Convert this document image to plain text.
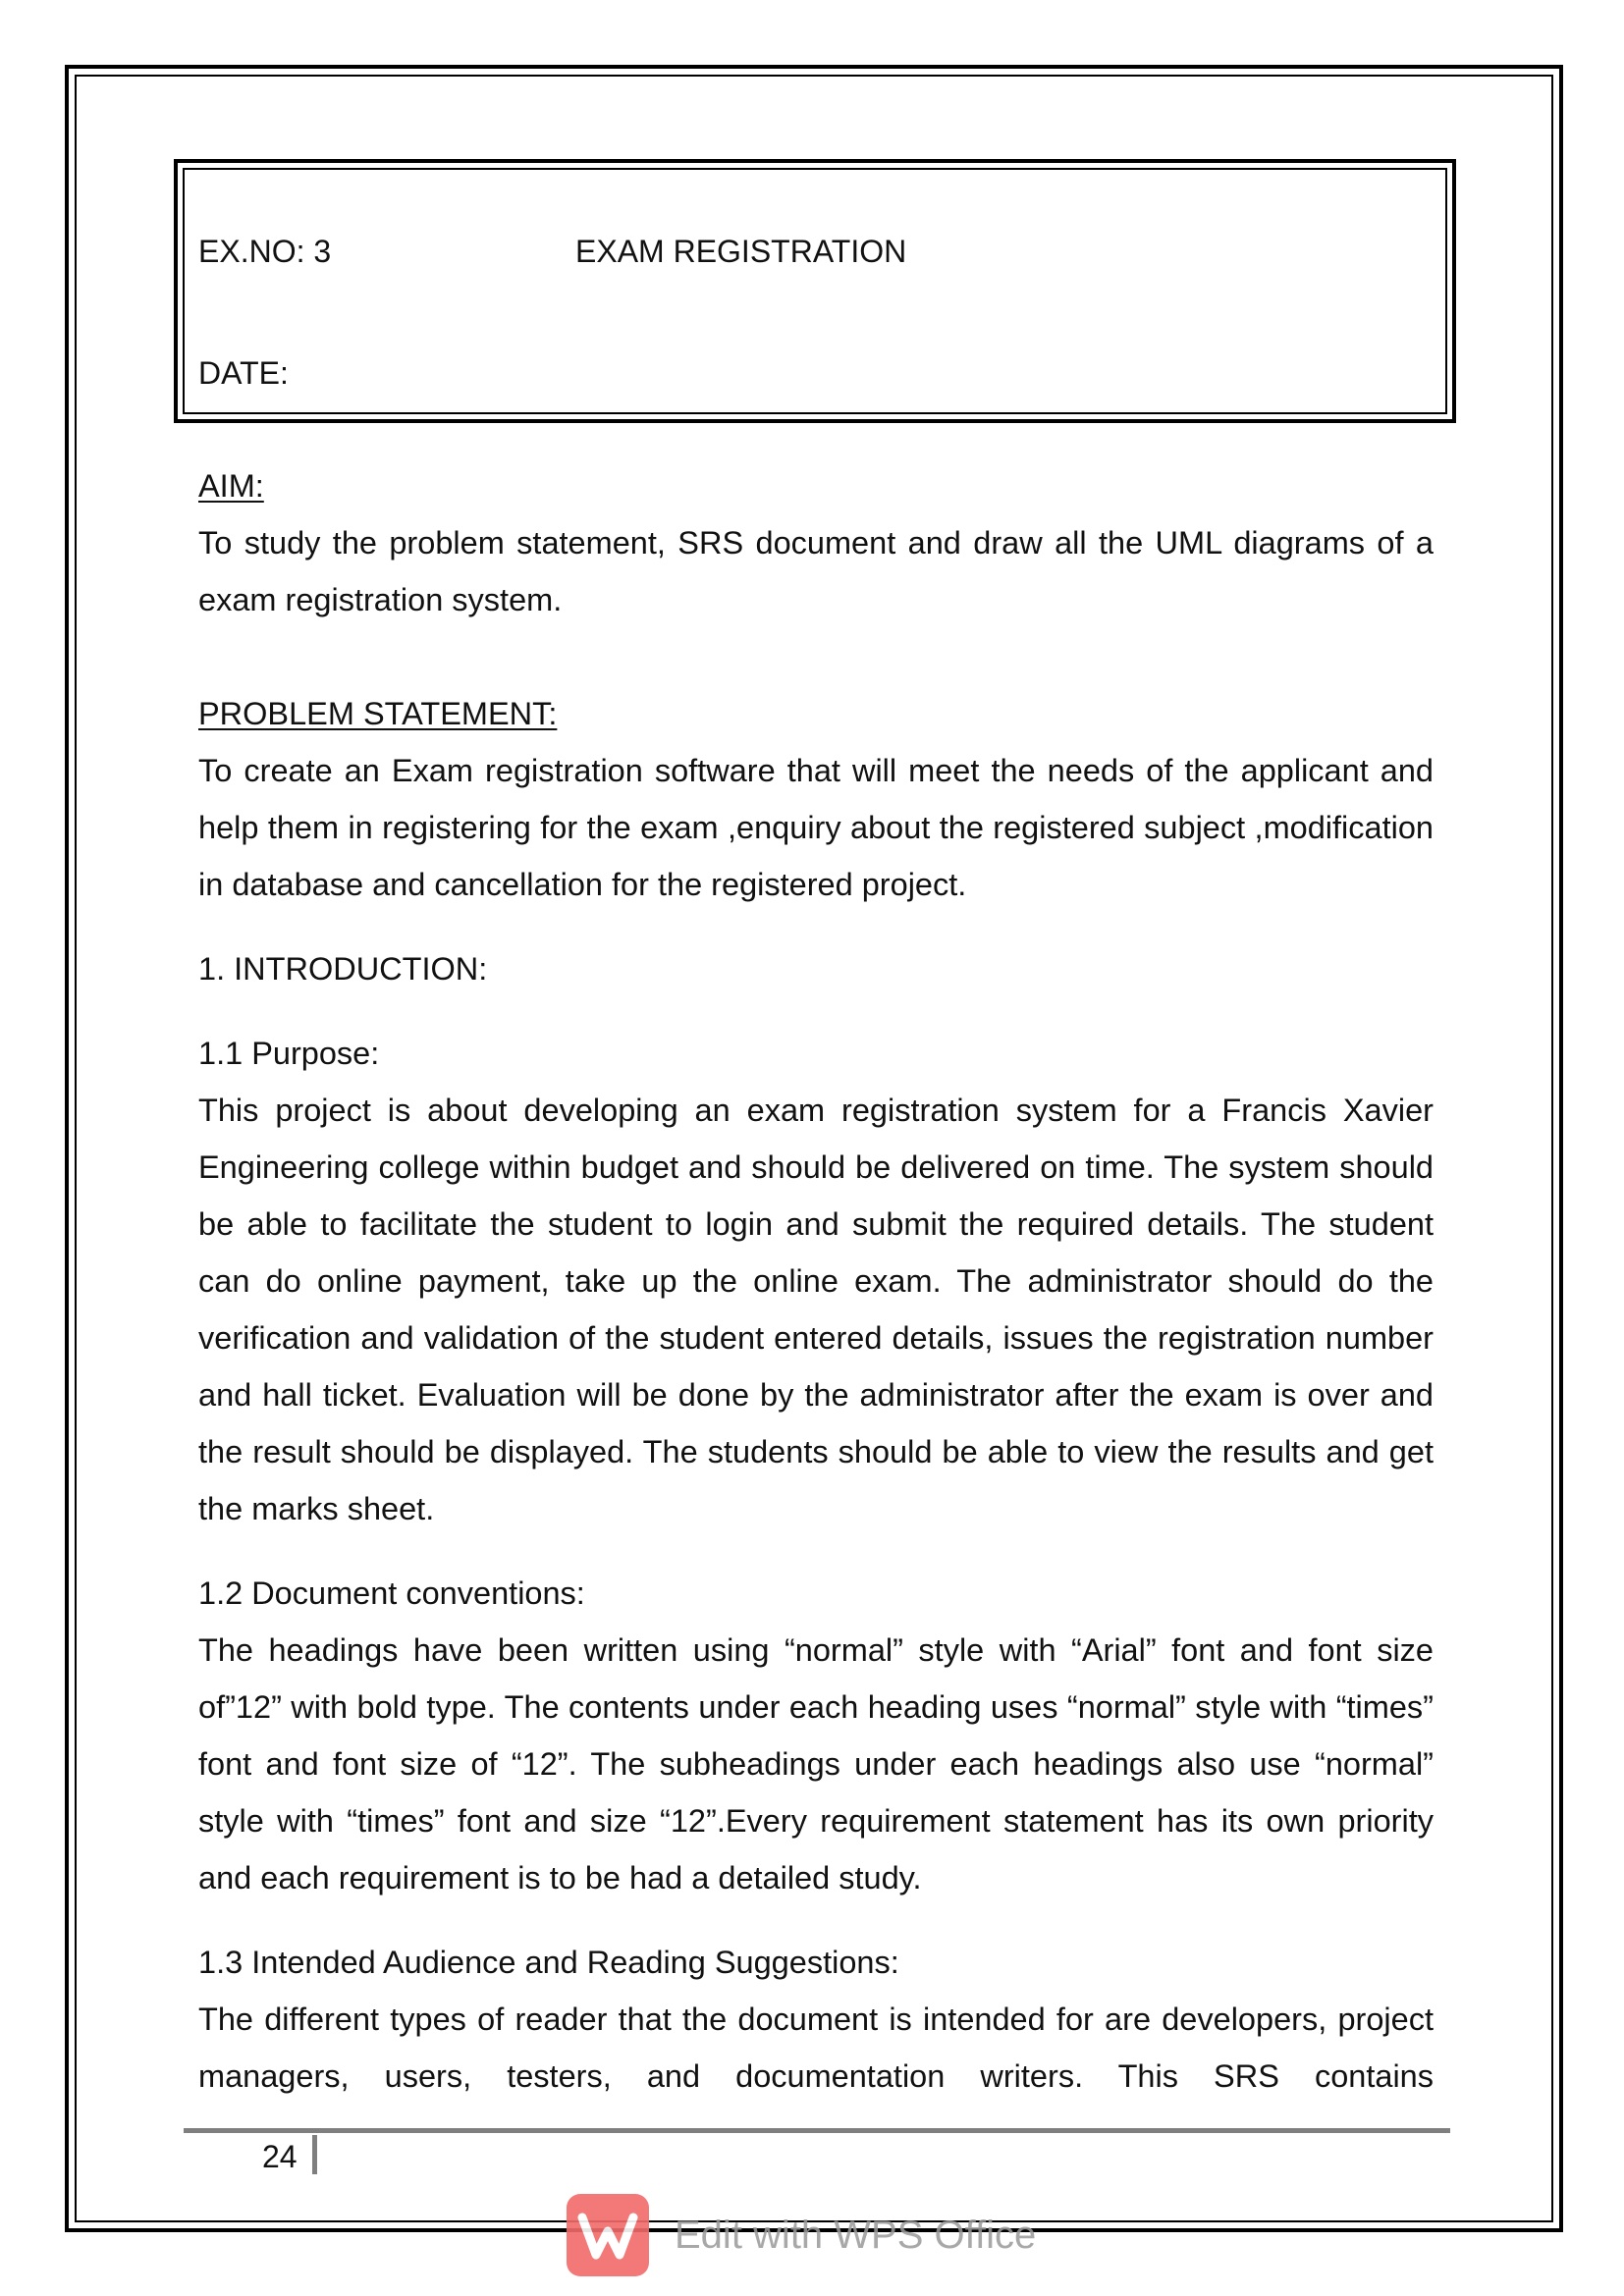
EX.NO: 3	EXAM REGISTRATION
DATE:

AIM:

To study the problem statement, SRS document and draw all the UML diagrams of a exam registration system.

PROBLEM STATEMENT:

To create an Exam registration software that will meet the needs of the applicant and help them in registering for the exam ,enquiry about the registered subject ,modification in database and cancellation for the registered project.

1. INTRODUCTION:

1.1 Purpose:

This project is about developing an exam registration system for a Francis Xavier Engineering college within budget and should be delivered on time. The system should be able to facilitate the student to login and submit the required details. The student can do online payment, take up the online exam. The administrator should do the verification and validation of the student entered details, issues the registration number and hall ticket. Evaluation will be done by the administrator after the exam is over and the result should be displayed. The students should be able to view the results and get the marks sheet.

1.2 Document conventions:

The headings have been written using “normal” style with “Arial” font and font size of”12” with bold type. The contents under each heading uses “normal” style with “times” font and font size of “12”. The subheadings under each headings also use “normal” style with “times” font and size “12”.Every requirement statement has its own priority and each requirement is to be had a detailed study.

1.3 Intended Audience and Reading Suggestions:

The different types of reader that the document is intended for are developers, project managers, users, testers, and documentation writers. This SRS contains

24
Edit with WPS Office
